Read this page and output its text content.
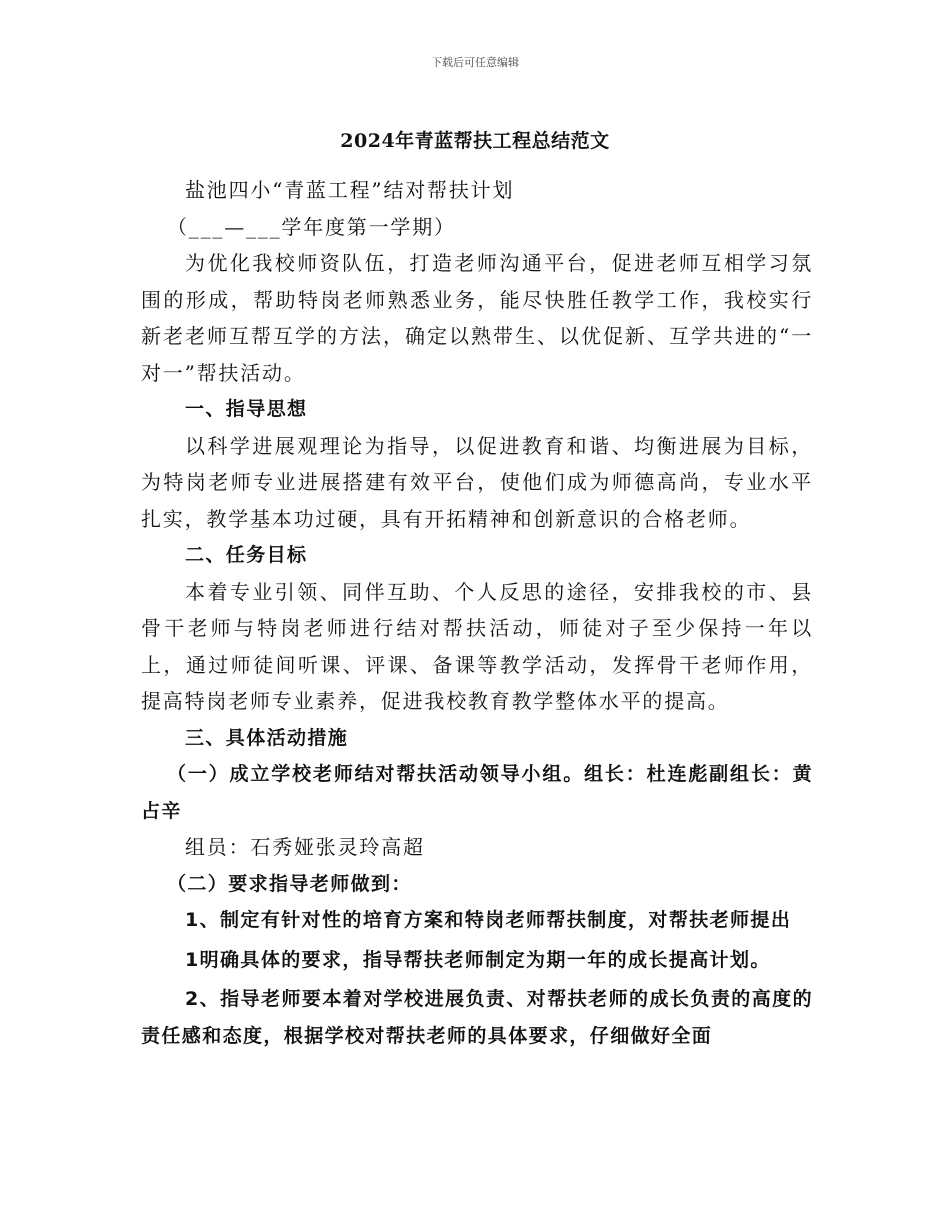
下载后可任意编辑
2024年青蓝帮扶工程总结范文

盐池四小“青蓝工程”结对帮扶计划

（___—___学年度第一学期）

为优化我校师资队伍，打造老师沟通平台，促进老师互相学习氛围的形成，帮助特岗老师熟悉业务，能尽快胜任教学工作，我校实行新老老师互帮互学的方法，确定以熟带生、以优促新、互学共进的“一对一”帮扶活动。

一、指导思想

以科学进展观理论为指导，以促进教育和谐、均衡进展为目标，为特岗老师专业进展搭建有效平台，使他们成为师德高尚，专业水平扎实，教学基本功过硬，具有开拓精神和创新意识的合格老师。

二、任务目标

本着专业引领、同伴互助、个人反思的途径，安排我校的市、县骨干老师与特岗老师进行结对帮扶活动，师徒对子至少保持一年以上，通过师徒间听课、评课、备课等教学活动，发挥骨干老师作用，提高特岗老师专业素养，促进我校教育教学整体水平的提高。

三、具体活动措施

（一）成立学校老师结对帮扶活动领导小组。组长：杜连彪副组长：黄占辛

组员：石秀娅张灵玲高超

（二）要求指导老师做到：

1、制定有针对性的培育方案和特岗老师帮扶制度，对帮扶老师提出

1明确具体的要求，指导帮扶老师制定为期一年的成长提高计划。

2、指导老师要本着对学校进展负责、对帮扶老师的成长负责的高度的责任感和态度，根据学校对帮扶老师的具体要求，仔细做好全面
